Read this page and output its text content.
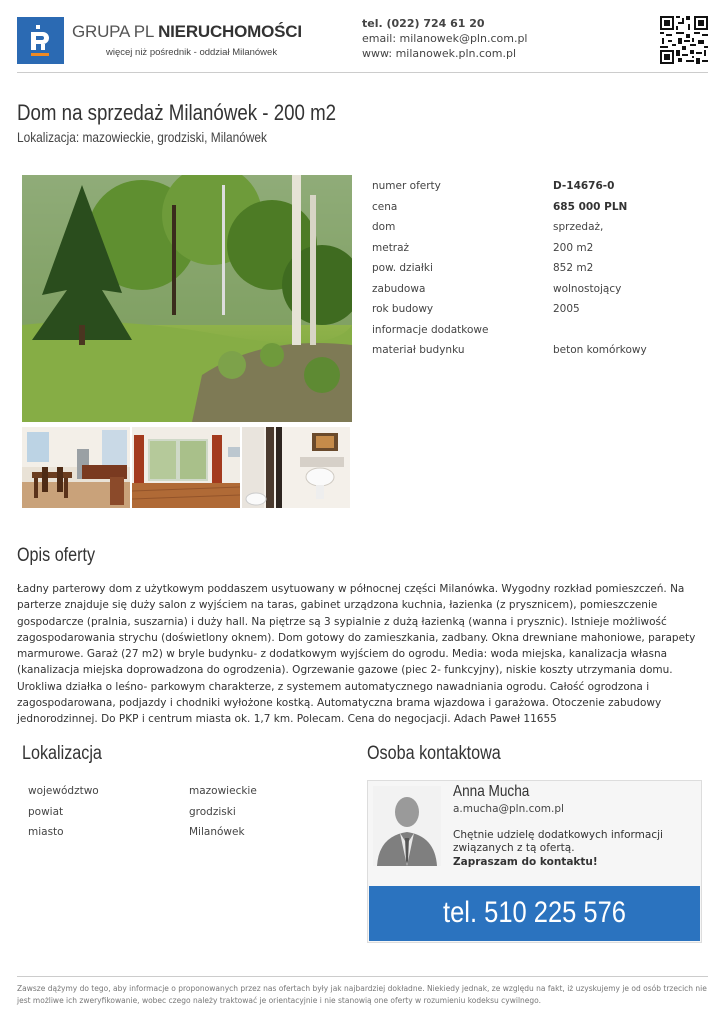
GRUPA PL NIERUCHOMOŚCI
więcej niż pośrednik - oddział Milanówek
tel. (022) 724 61 20
email: milanowek@pln.com.pl
www: milanowek.pln.com.pl
Dom na sprzedaż Milanówek - 200 m2
Lokalizacja: mazowieckie, grodziski, Milanówek
numer oferty	D-14676-0
cena	685 000 PLN
dom	sprzedaż,
metraż	200 m2
pow. działki	852 m2
zabudowa	wolnostojący
rok budowy	2005
informacje dodatkowe
materiał budynku	beton komórkowy
Opis oferty
Ładny parterowy dom z użytkowym poddaszem usytuowany w północnej części Milanówka. Wygodny rozkład pomieszczeń. Na parterze znajduje się duży salon z wyjściem na taras, gabinet urządzona kuchnia, łazienka (z prysznicem), pomieszczenie gospodarcze (pralnia, suszarnia) i duży hall. Na piętrze są 3 sypialnie z dużą łazienką (wanna i prysznic). Istnieje możliwość zagospodarowania strychu (doświetlony oknem). Dom gotowy do zamieszkania, zadbany. Okna drewniane mahoniowe, parapety marmurowe. Garaż (27 m2) w bryle budynku- z dodatkowym wyjściem do ogrodu. Media: woda miejska, kanalizacja własna (kanalizacja miejska doprowadzona do ogrodzenia). Ogrzewanie gazowe (piec 2- funkcyjny), niskie koszty utrzymania domu. Urokliwa działka o leśno- parkowym charakterze, z systemem automatycznego nawadniania ogrodu. Całość ogrodzona i zagospodarowana, podjazdy i chodniki wyłożone kostką. Automatyczna brama wjazdowa i garażowa. Otoczenie zabudowy jednorodzinnej. Do PKP i centrum miasta ok. 1,7 km. Polecam. Cena do negocjacji. Adach Paweł 11655
Lokalizacja
województwo	mazowieckie
powiat	grodziski
miasto	Milanówek
Osoba kontaktowa
Anna Mucha
a.mucha@pln.com.pl
Chętnie udzielę dodatkowych informacji związanych z tą ofertą.
Zapraszam do kontaktu!
tel. 510 225 576
Zawsze dążymy do tego, aby informacje o proponowanych przez nas ofertach były jak najbardziej dokładne. Niekiedy jednak, ze względu na fakt, iż uzyskujemy je od osób trzecich nie jest możliwe ich zweryfikowanie, wobec czego należy traktować je orientacyjnie i nie stanowią one oferty w rozumieniu kodeksu cywilnego.
